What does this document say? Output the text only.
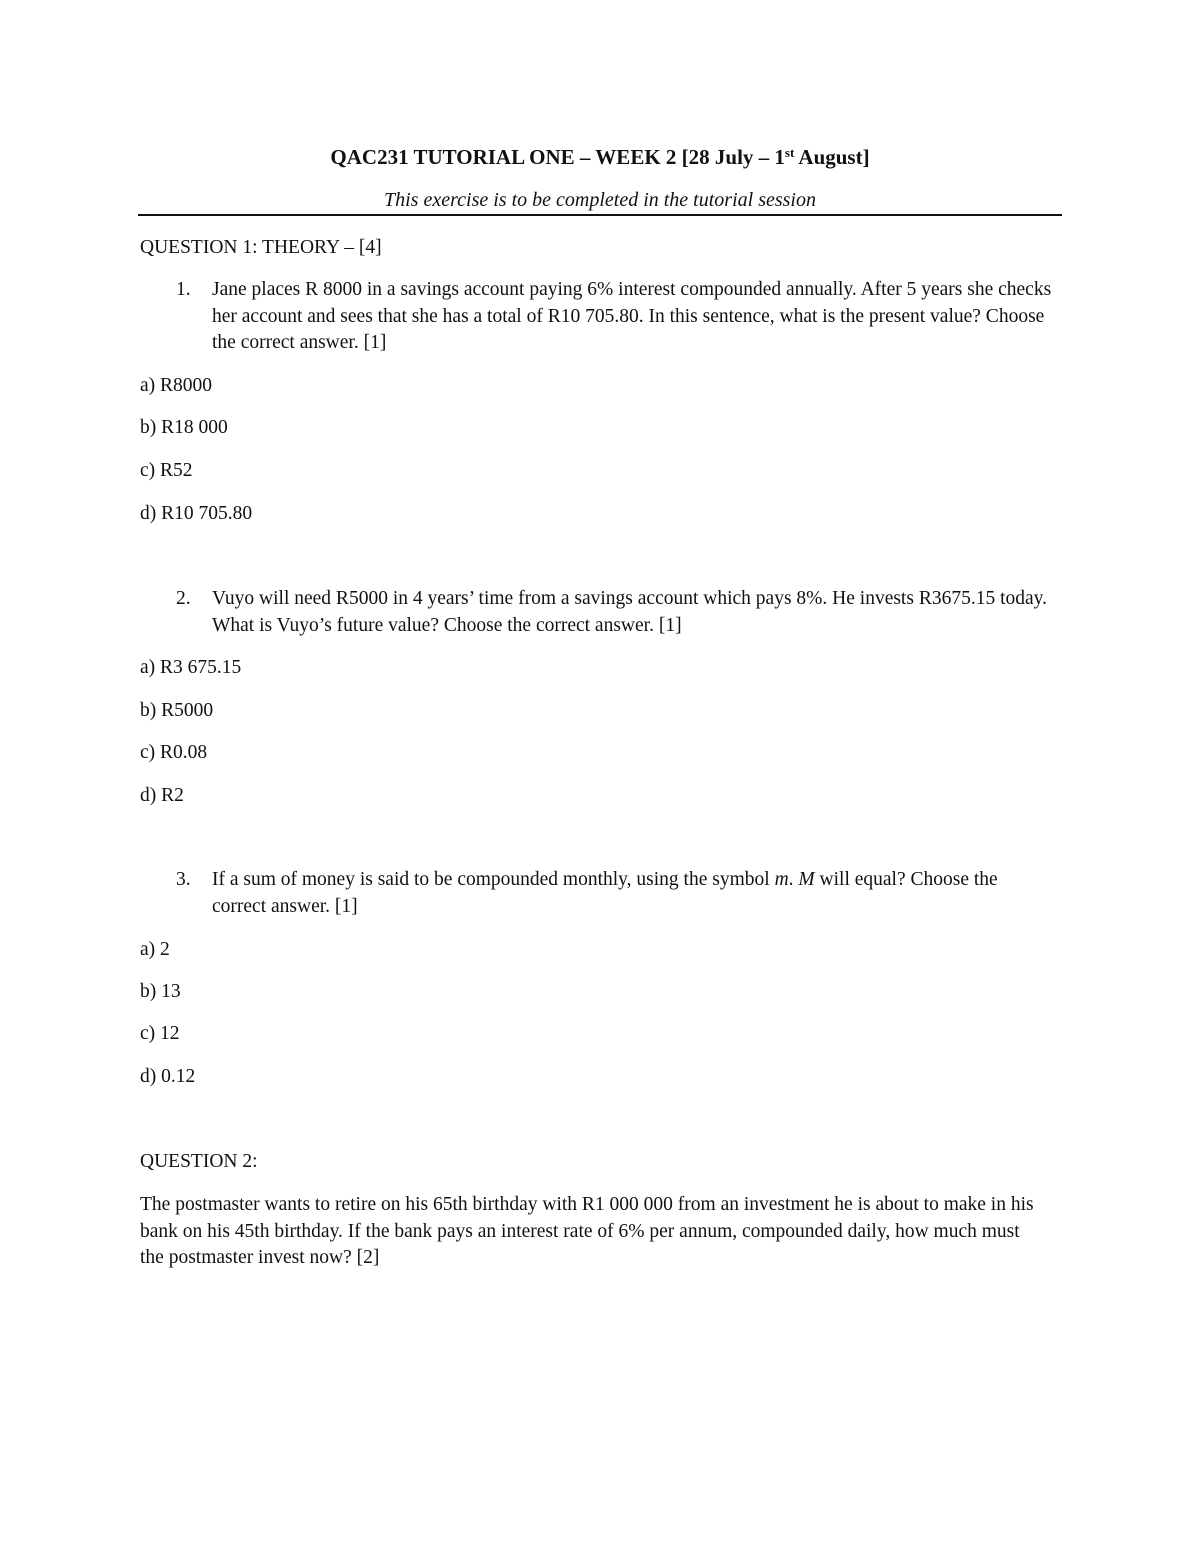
QAC231 TUTORIAL ONE – WEEK 2 [28 July – 1st August]
This exercise is to be completed in the tutorial session
QUESTION 1: THEORY – [4]
1. Jane places R 8000 in a savings account paying 6% interest compounded annually. After 5 years she checks her account and sees that she has a total of R10 705.80. In this sentence, what is the present value? Choose the correct answer. [1]
a) R8000
b) R18 000
c) R52
d) R10 705.80
2. Vuyo will need R5000 in 4 years’ time from a savings account which pays 8%. He invests R3675.15 today. What is Vuyo’s future value? Choose the correct answer. [1]
a) R3 675.15
b) R5000
c) R0.08
d) R2
3. If a sum of money is said to be compounded monthly, using the symbol m. M will equal? Choose the correct answer. [1]
a) 2
b) 13
c) 12
d) 0.12
QUESTION 2:
The postmaster wants to retire on his 65th birthday with R1 000 000 from an investment he is about to make in his bank on his 45th birthday. If the bank pays an interest rate of 6% per annum, compounded daily, how much must the postmaster invest now? [2]
